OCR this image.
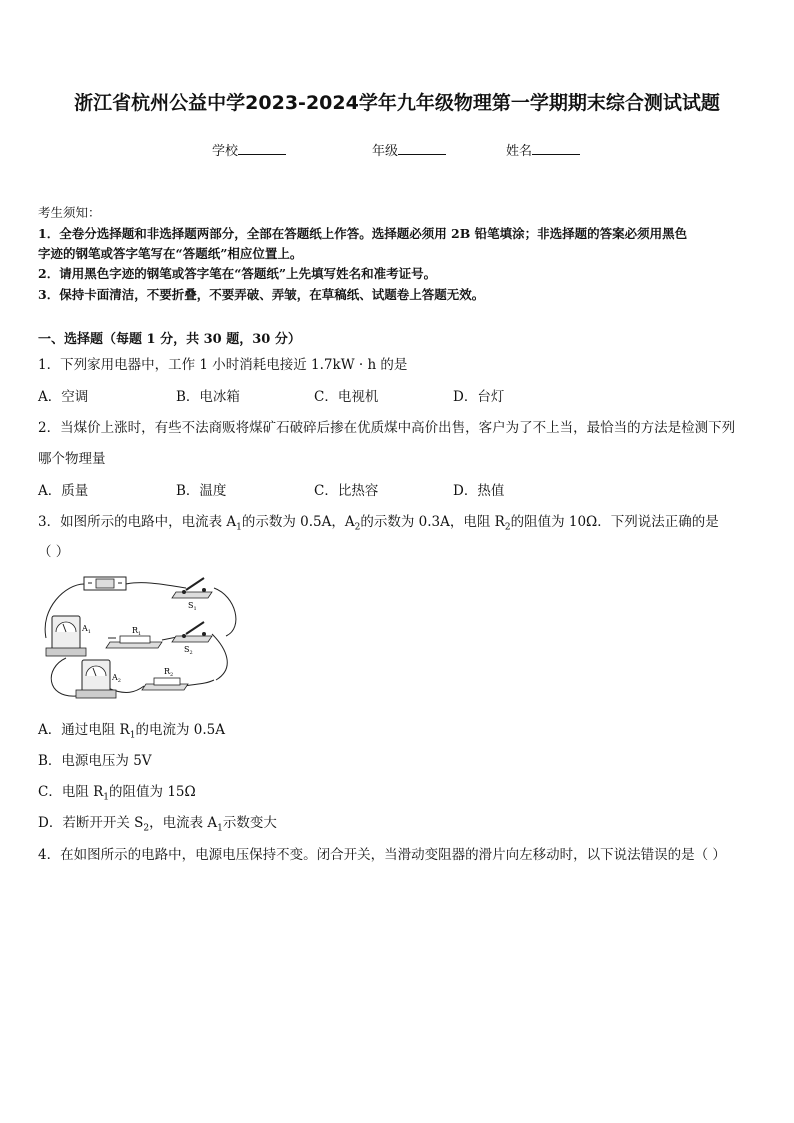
浙江省杭州公益中学2023-2024学年九年级物理第一学期期末综合测试试题
学校	年级	姓名
考生须知：
1．全卷分选择题和非选择题两部分，全部在答题纸上作答。选择题必须用 2B 铅笔填涂；非选择题的答案必须用黑色
字迹的钢笔或答字笔写在“答题纸”相应位置上。
2．请用黑色字迹的钢笔或答字笔在“答题纸”上先填写姓名和准考证号。
3．保持卡面清洁，不要折叠，不要弄破、弄皱，在草稿纸、试题卷上答题无效。
一、选择题（每题 1 分，共 30 题，30 分）
1．下列家用电器中，工作 1 小时消耗电接近 1.7kW · h 的是
A．空调	B．电冰箱	C．电视机	D．台灯
2．当煤价上涨时，有些不法商贩将煤矿石破碎后掺在优质煤中高价出售，客户为了不上当，最恰当的方法是检测下列
哪个物理量
A．质量	B．温度	C．比热容	D．热值
3．如图所示的电路中，电流表 $A_1$的示数为 0.5A，$A_2$的示数为 0.3A，电阻 $R_2$的阻值为 10Ω．下列说法正确的是
（ ）
$S_1$
$A_1$	$R_1$
$S_2$
$A_2$
$R_2$
A．通过电阻 $R_1$的电流为 0.5A
B．电源电压为 5V
C．电阻 $R_1$的阻值为 15Ω
D．若断开开关 $S_2$，电流表 $A_1$示数变大
4．在如图所示的电路中，电源电压保持不变。闭合开关，当滑动变阻器的滑片向左移动时，以下说法错误的是（ ）
